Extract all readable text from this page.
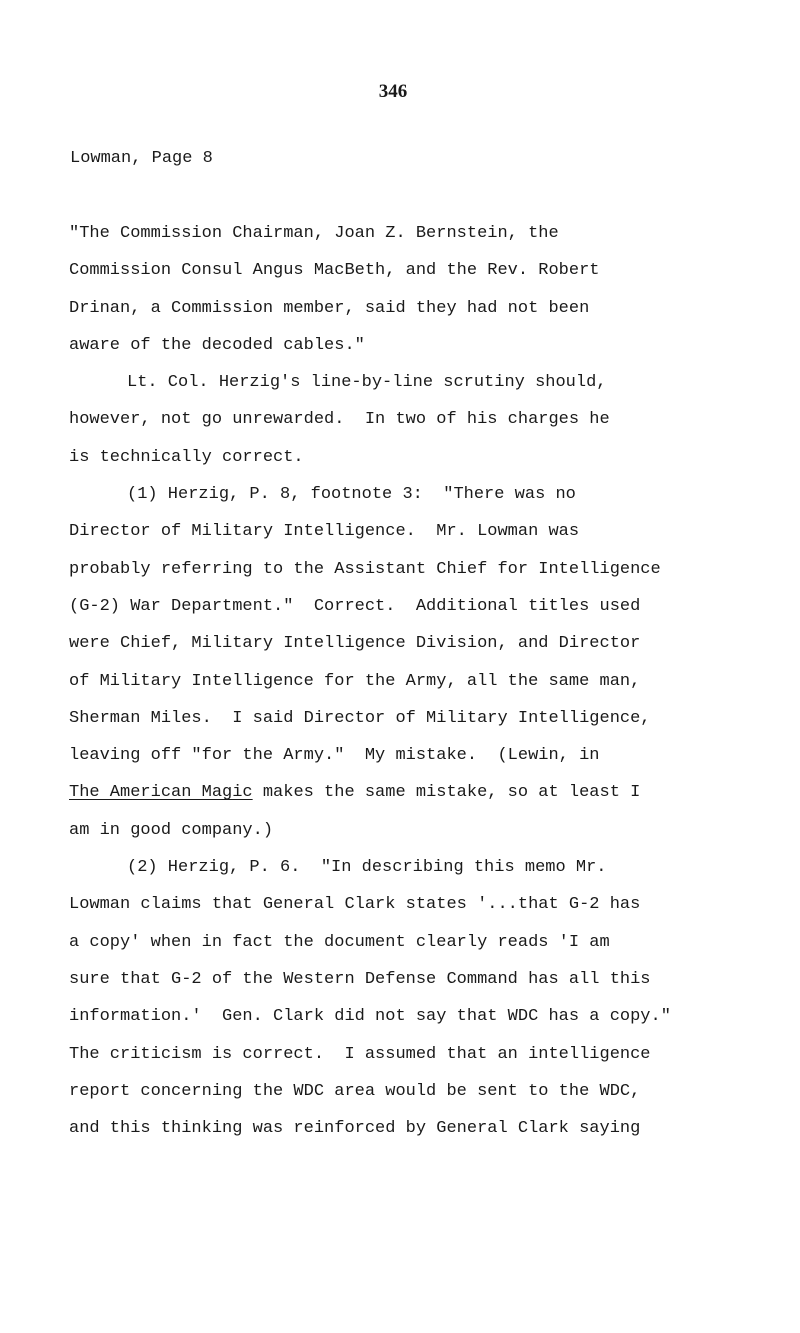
346
Lowman, Page 8
"The Commission Chairman, Joan Z. Bernstein, the
Commission Consul Angus MacBeth, and the Rev. Robert
Drinan, a Commission member, said they had not been
aware of the decoded cables."
Lt. Col. Herzig's line-by-line scrutiny should,
however, not go unrewarded.  In two of his charges he
is technically correct.
(1) Herzig, P. 8, footnote 3:  "There was no
Director of Military Intelligence.  Mr. Lowman was
probably referring to the Assistant Chief for Intelligence
(G-2) War Department."  Correct.  Additional titles used
were Chief, Military Intelligence Division, and Director
of Military Intelligence for the Army, all the same man,
Sherman Miles.  I said Director of Military Intelligence,
leaving off "for the Army."  My mistake.  (Lewin, in
The American Magic makes the same mistake, so at least I
am in good company.)
(2) Herzig, P. 6.  "In describing this memo Mr.
Lowman claims that General Clark states '...that G-2 has
a copy' when in fact the document clearly reads 'I am
sure that G-2 of the Western Defense Command has all this
information.'  Gen. Clark did not say that WDC has a copy."
The criticism is correct.  I assumed that an intelligence
report concerning the WDC area would be sent to the WDC,
and this thinking was reinforced by General Clark saying
